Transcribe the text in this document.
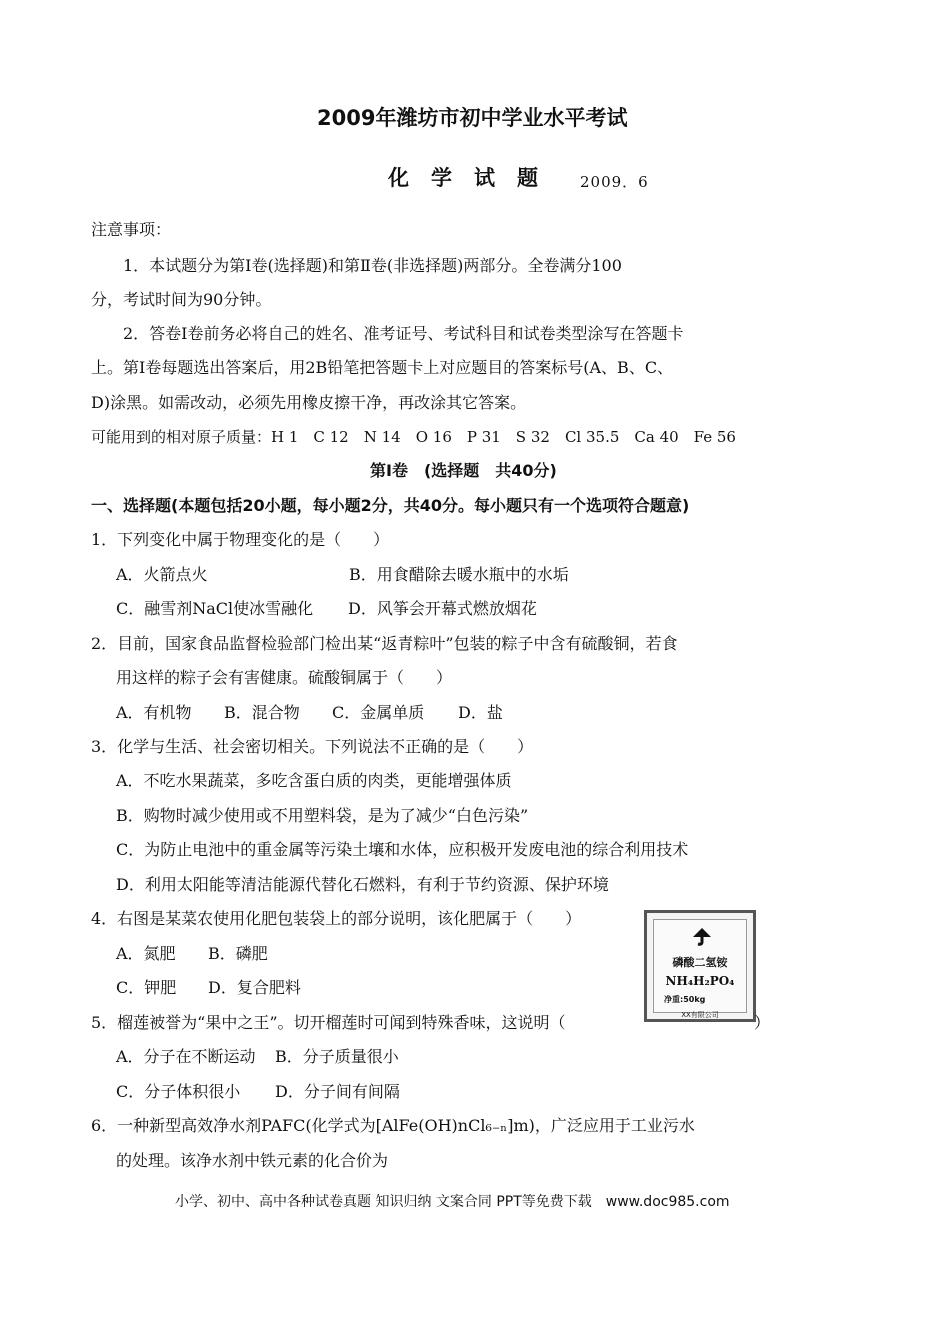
2009年潍坊市初中学业水平考试
化学试题 2009．6
注意事项：
1．本试题分为第Ⅰ卷(选择题)和第Ⅱ卷(非选择题)两部分。全卷满分100
分，考试时间为90分钟。
2．答卷Ⅰ卷前务必将自己的姓名、准考证号、考试科目和试卷类型涂写在答题卡
上。第Ⅰ卷每题选出答案后，用2B铅笔把答题卡上对应题目的答案标号(A、B、C、
D)涂黑。如需改动，必须先用橡皮擦干净，再改涂其它答案。
可能用到的相对原子质量：H 1　C 12　N 14　O 16　P 31　S 32　Cl 35.5　Ca 40　Fe 56
第Ⅰ卷　(选择题　共40分)
一、选择题(本题包括20小题，每小题2分，共40分。每小题只有一个选项符合题意)
1．下列变化中属于物理变化的是（　　）
A．火箭点火	B．用食醋除去暖水瓶中的水垢
C．融雪剂NaCl使冰雪融化 D．风筝会开幕式燃放烟花
2．目前，国家食品监督检验部门检出某“返青粽叶”包装的粽子中含有硫酸铜，若食
用这样的粽子会有害健康。硫酸铜属于（　　）
A．有机物 B．混合物 C．金属单质 D．盐
3．化学与生活、社会密切相关。下列说法不正确的是（　　）
A．不吃水果蔬菜，多吃含蛋白质的肉类，更能增强体质
B．购物时减少使用或不用塑料袋，是为了减少“白色污染”
C．为防止电池中的重金属等污染土壤和水体，应积极开发废电池的综合利用技术
D．利用太阳能等清洁能源代替化石燃料，有利于节约资源、保护环境
4．右图是某菜农使用化肥包装袋上的部分说明，该化肥属于（　　）
A．氮肥 B．磷肥
C．钾肥 D．复合肥料
磷酸二氢铵
NH₄H₂PO₄
净重:50kg
XX有限公司
5．榴莲被誉为“果中之王”。切开榴莲时可闻到特殊香味，这说明（	）
A．分子在不断运动 B．分子质量很小
C．分子体积很小 D．分子间有间隔
6．一种新型高效净水剂PAFC(化学式为[AlFe(OH)nCl₆₋ₙ]m)，广泛应用于工业污水
的处理。该净水剂中铁元素的化合价为
小学、初中、高中各种试卷真题 知识归纳 文案合同 PPT等免费下载　www.doc985.com
